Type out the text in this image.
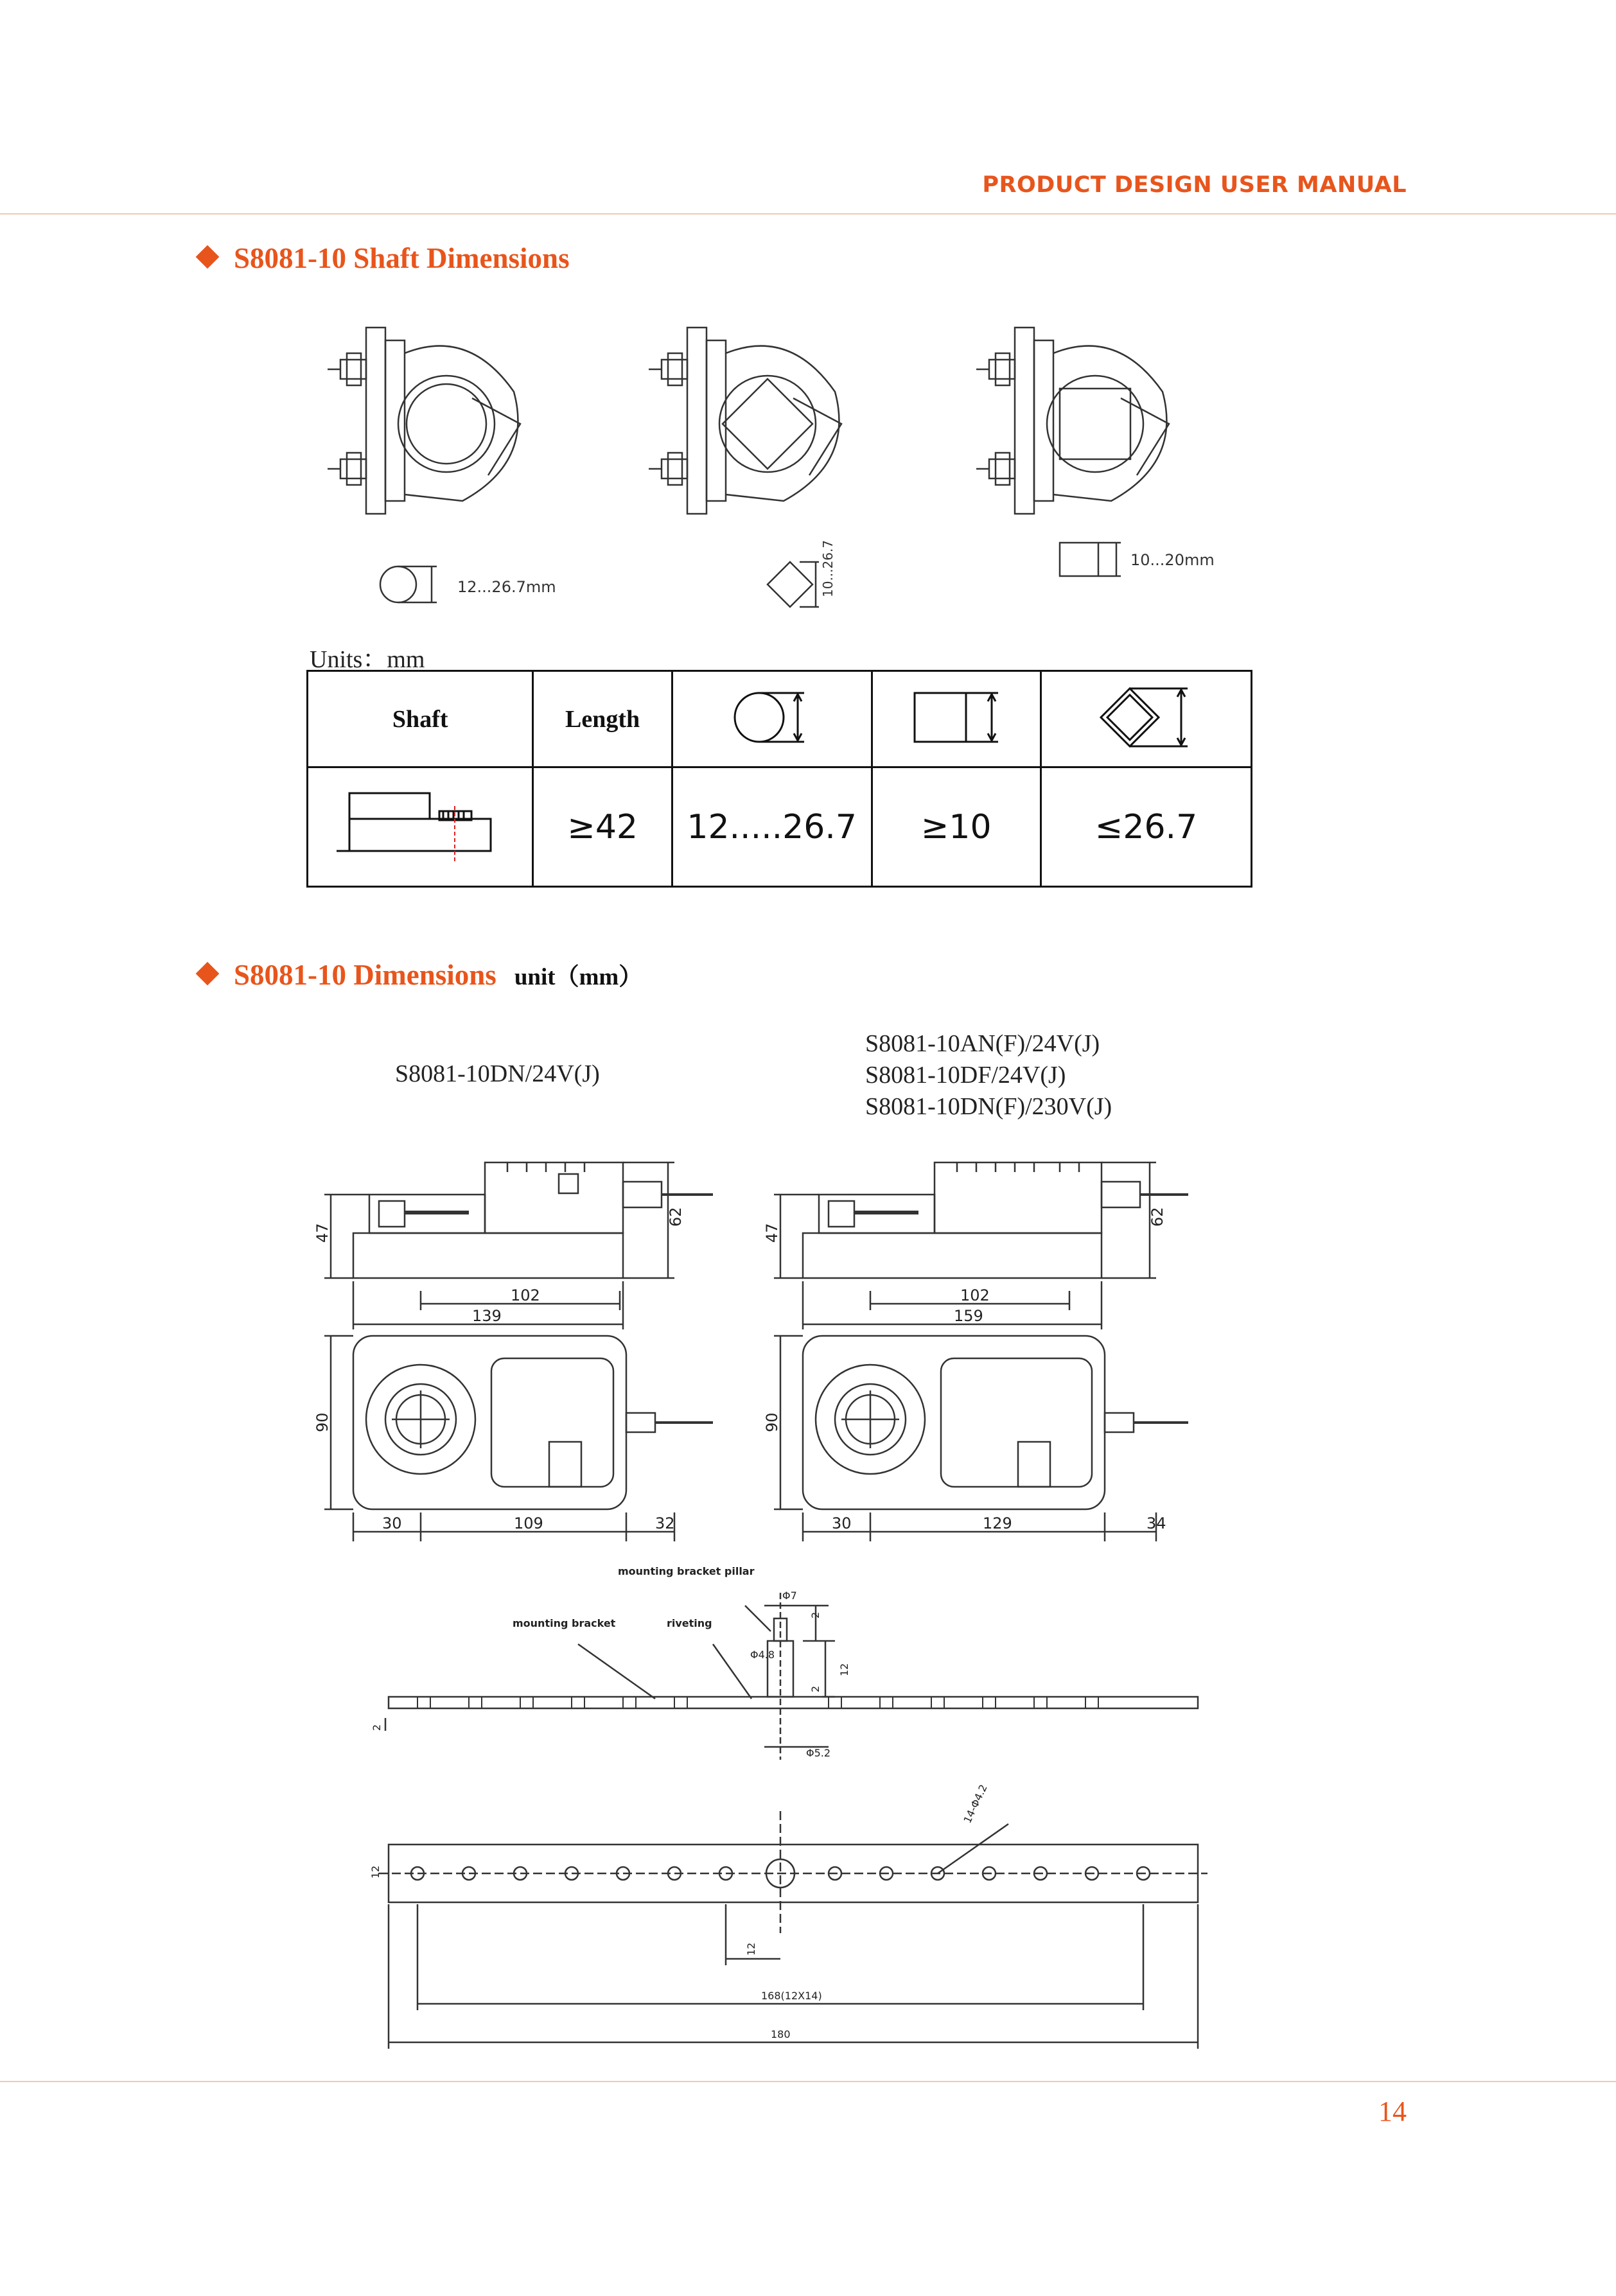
PRODUCT DESIGN USER MANUAL
S8081-10 Shaft Dimensions
12...26.7mm	10...26.7	10...20mm
Units：mm
Shaft	Length			
	≥42	12.....26.7	≥10	≤26.7
S8081-10 Dimensions unit（mm）
S8081-10DN/24V(J)
S8081-10AN(F)/24V(J)
S8081-10DF/24V(J)
S8081-10DN(F)/230V(J)
47
62
102
139
90
30	109	32
47
62
102
159
90
30	129	34
mounting bracket pillar
mounting bracket	riveting
Φ7
Φ4.8
Φ5.2
12
2
2
2
14-Φ4.2
12
12
168(12X14)
180
14
